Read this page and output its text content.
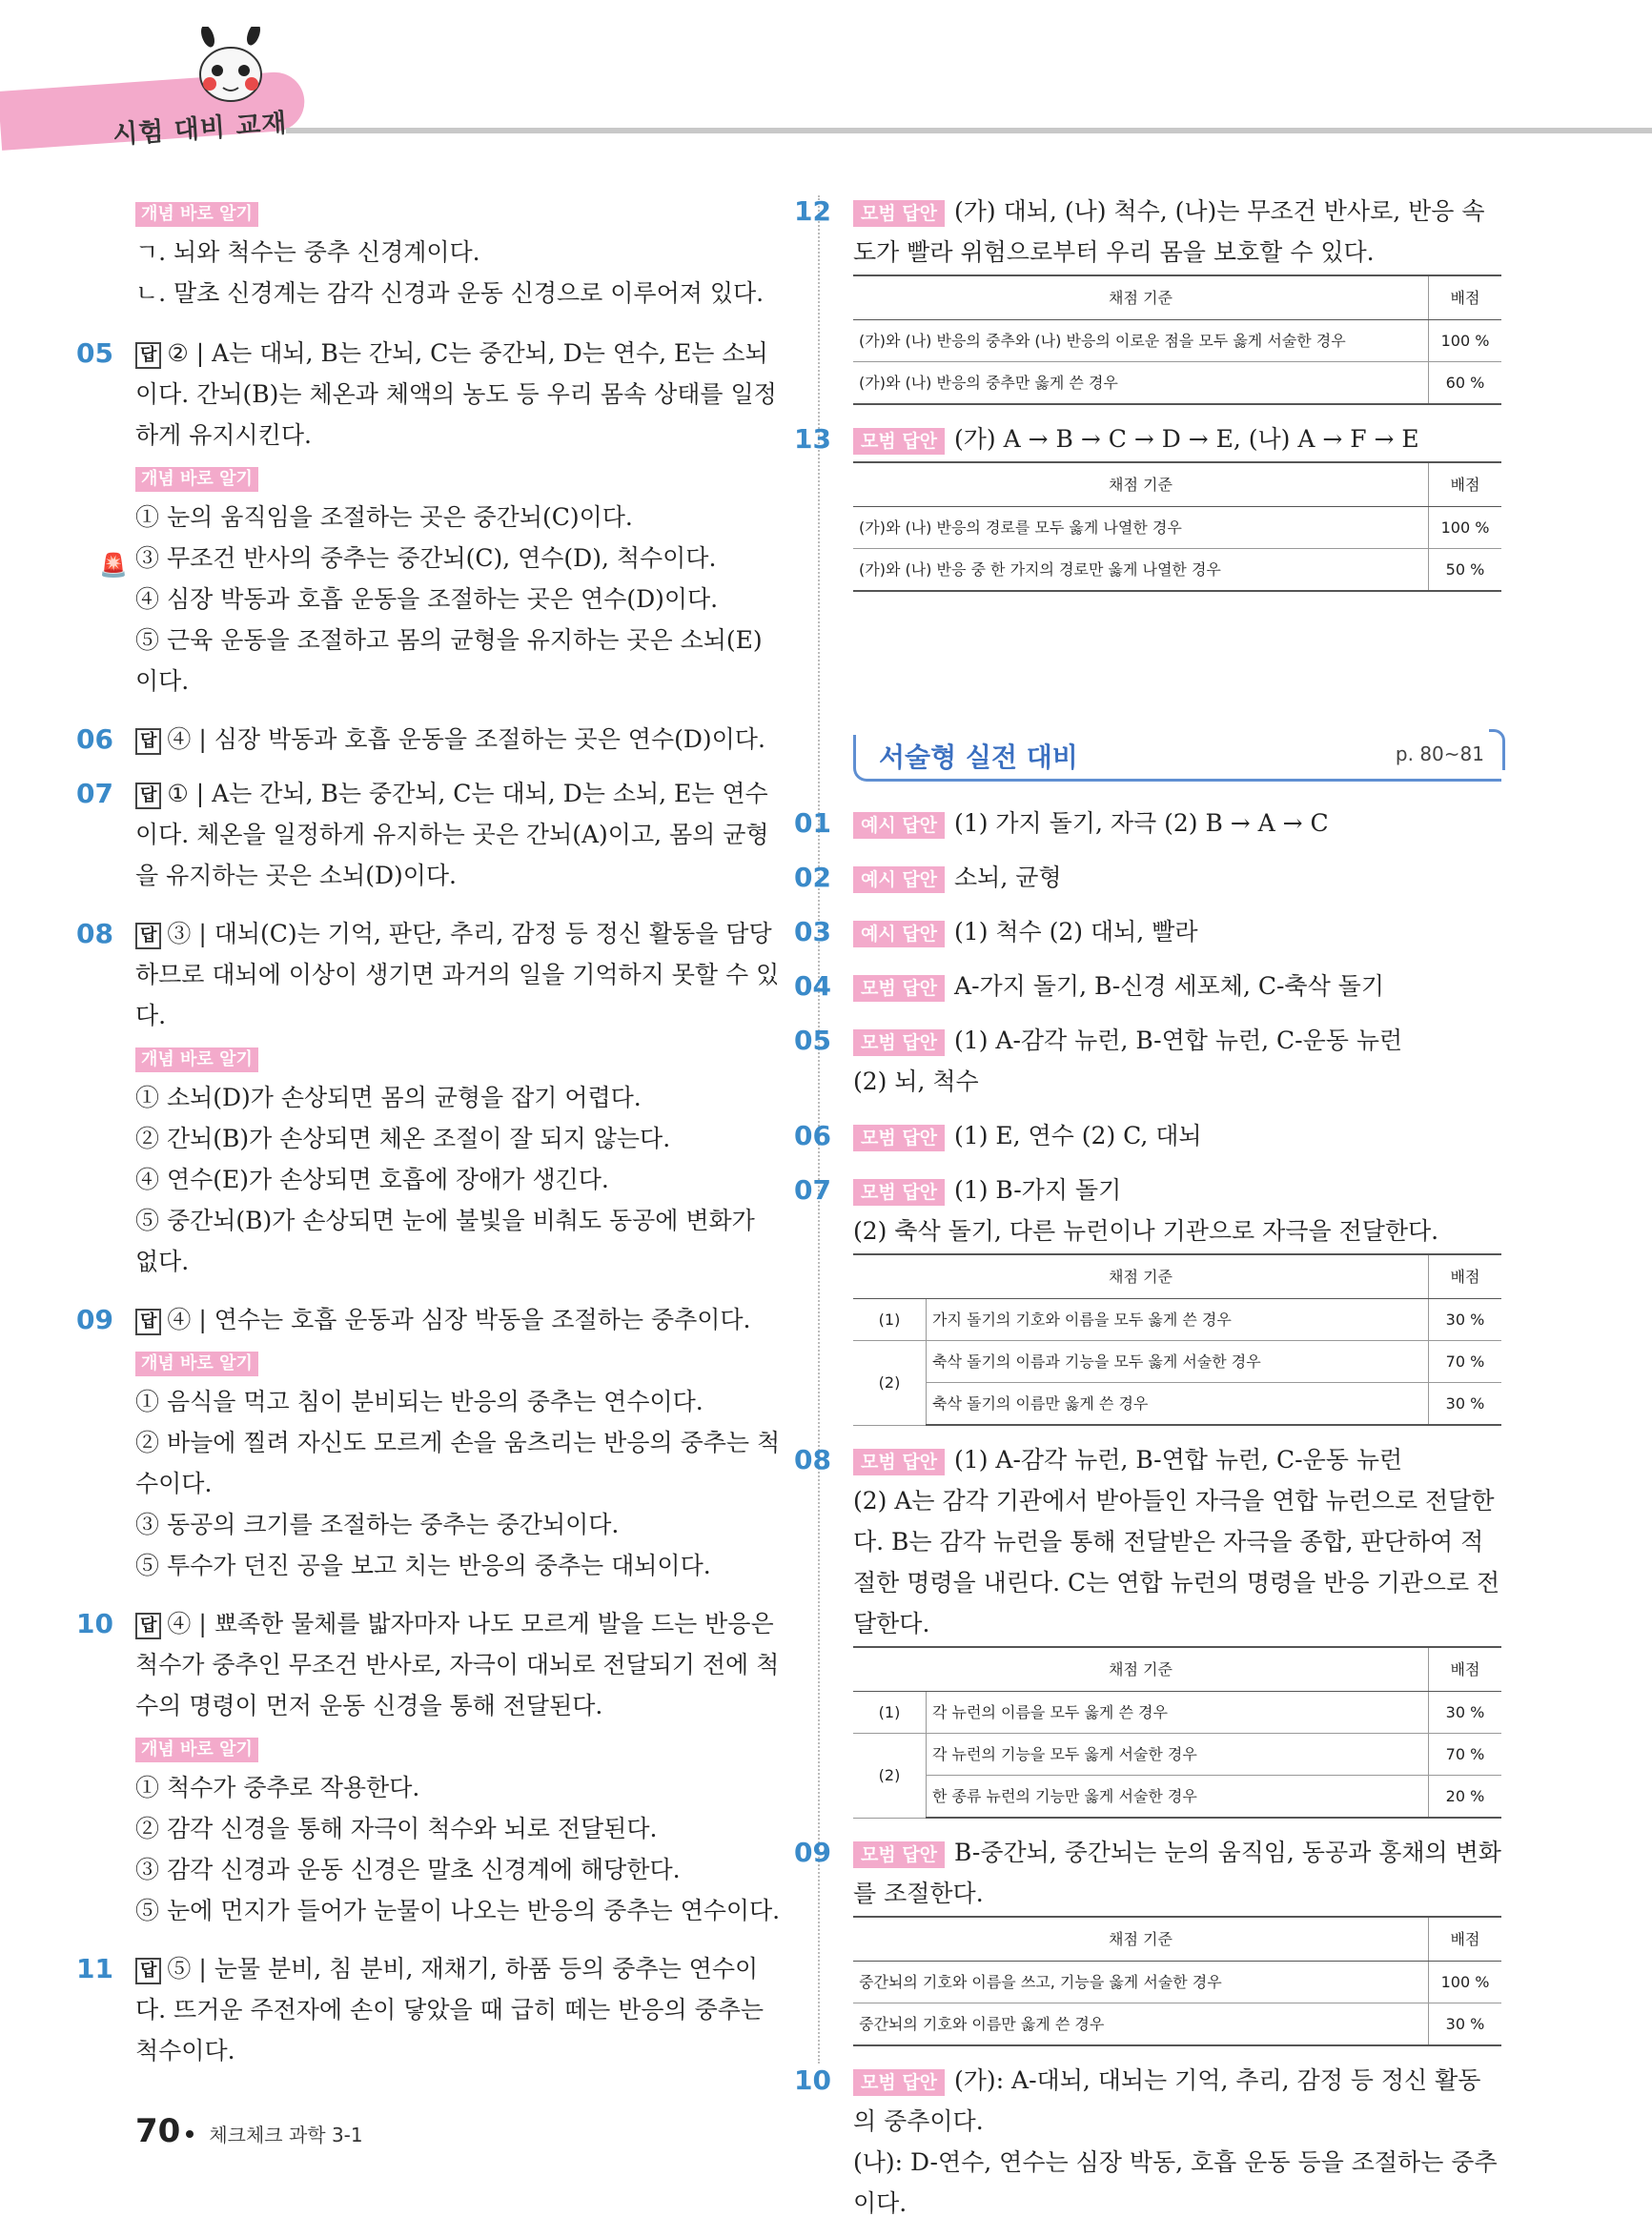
시험 대비 교재
개념 바로 알기
ㄱ. 뇌와 척수는 중추 신경계이다.
ㄴ. 말초 신경계는 감각 신경과 운동 신경으로 이루어져 있다.
05	답 ② | A는 대뇌, B는 간뇌, C는 중간뇌, D는 연수, E는 소뇌이다. 간뇌(B)는 체온과 체액의 농도 등 우리 몸속 상태를 일정하게 유지시킨다.
개념 바로 알기
① 눈의 움직임을 조절하는 곳은 중간뇌(C)이다.
🚨 ③ 무조건 반사의 중추는 중간뇌(C), 연수(D), 척수이다.
④ 심장 박동과 호흡 운동을 조절하는 곳은 연수(D)이다.
⑤ 근육 운동을 조절하고 몸의 균형을 유지하는 곳은 소뇌(E)이다.
06	답 ④ | 심장 박동과 호흡 운동을 조절하는 곳은 연수(D)이다.
07	답 ① | A는 간뇌, B는 중간뇌, C는 대뇌, D는 소뇌, E는 연수이다. 체온을 일정하게 유지하는 곳은 간뇌(A)이고, 몸의 균형을 유지하는 곳은 소뇌(D)이다.
08	답 ③ | 대뇌(C)는 기억, 판단, 추리, 감정 등 정신 활동을 담당하므로 대뇌에 이상이 생기면 과거의 일을 기억하지 못할 수 있다.
개념 바로 알기
① 소뇌(D)가 손상되면 몸의 균형을 잡기 어렵다.
② 간뇌(B)가 손상되면 체온 조절이 잘 되지 않는다.
④ 연수(E)가 손상되면 호흡에 장애가 생긴다.
⑤ 중간뇌(B)가 손상되면 눈에 불빛을 비춰도 동공에 변화가 없다.
09	답 ④ | 연수는 호흡 운동과 심장 박동을 조절하는 중추이다.
개념 바로 알기
① 음식을 먹고 침이 분비되는 반응의 중추는 연수이다.
② 바늘에 찔려 자신도 모르게 손을 움츠리는 반응의 중추는 척수이다.
③ 동공의 크기를 조절하는 중추는 중간뇌이다.
⑤ 투수가 던진 공을 보고 치는 반응의 중추는 대뇌이다.
10	답 ④ | 뾰족한 물체를 밟자마자 나도 모르게 발을 드는 반응은 척수가 중추인 무조건 반사로, 자극이 대뇌로 전달되기 전에 척수의 명령이 먼저 운동 신경을 통해 전달된다.
개념 바로 알기
① 척수가 중추로 작용한다.
② 감각 신경을 통해 자극이 척수와 뇌로 전달된다.
③ 감각 신경과 운동 신경은 말초 신경계에 해당한다.
⑤ 눈에 먼지가 들어가 눈물이 나오는 반응의 중추는 연수이다.
11	답 ⑤ | 눈물 분비, 침 분비, 재채기, 하품 등의 중추는 연수이다. 뜨거운 주전자에 손이 닿았을 때 급히 떼는 반응의 중추는 척수이다.
12	모범 답안 (가) 대뇌, (나) 척수, (나)는 무조건 반사로, 반응 속도가 빨라 위험으로부터 우리 몸을 보호할 수 있다.
채점 기준	배점
(가)와 (나) 반응의 중추와 (나) 반응의 이로운 점을 모두 옳게 서술한 경우	100 %
(가)와 (나) 반응의 중추만 옳게 쓴 경우	60 %
13	모범 답안 (가) A → B → C → D → E, (나) A → F → E
채점 기준	배점
(가)와 (나) 반응의 경로를 모두 옳게 나열한 경우	100 %
(가)와 (나) 반응 중 한 가지의 경로만 옳게 나열한 경우	50 %
서술형 실전 대비	p. 80~81
01	예시 답안 (1) 가지 돌기, 자극 (2) B → A → C
02	예시 답안 소뇌, 균형
03	예시 답안 (1) 척수 (2) 대뇌, 빨라
04	모범 답안 A-가지 돌기, B-신경 세포체, C-축삭 돌기
05	모범 답안 (1) A-감각 뉴런, B-연합 뉴런, C-운동 뉴런
(2) 뇌, 척수
06	모범 답안 (1) E, 연수 (2) C, 대뇌
07	모범 답안 (1) B-가지 돌기
(2) 축삭 돌기, 다른 뉴런이나 기관으로 자극을 전달한다.
채점 기준		배점
(1)	가지 돌기의 기호와 이름을 모두 옳게 쓴 경우	30 %
(2)	축삭 돌기의 이름과 기능을 모두 옳게 서술한 경우	70 %
	축삭 돌기의 이름만 옳게 쓴 경우	30 %
08	모범 답안 (1) A-감각 뉴런, B-연합 뉴런, C-운동 뉴런
(2) A는 감각 기관에서 받아들인 자극을 연합 뉴런으로 전달한다. B는 감각 뉴런을 통해 전달받은 자극을 종합, 판단하여 적절한 명령을 내린다. C는 연합 뉴런의 명령을 반응 기관으로 전달한다.
채점 기준		배점
(1)	각 뉴런의 이름을 모두 옳게 쓴 경우	30 %
(2)	각 뉴런의 기능을 모두 옳게 서술한 경우	70 %
	한 종류 뉴런의 기능만 옳게 서술한 경우	20 %
09	모범 답안 B-중간뇌, 중간뇌는 눈의 움직임, 동공과 홍채의 변화를 조절한다.
채점 기준	배점
중간뇌의 기호와 이름을 쓰고, 기능을 옳게 서술한 경우	100 %
중간뇌의 기호와 이름만 옳게 쓴 경우	30 %
10	모범 답안 (가): A-대뇌, 대뇌는 기억, 추리, 감정 등 정신 활동의 중추이다.
(나): D-연수, 연수는 심장 박동, 호흡 운동 등을 조절하는 중추이다.
70 체크체크 과학 3-1
